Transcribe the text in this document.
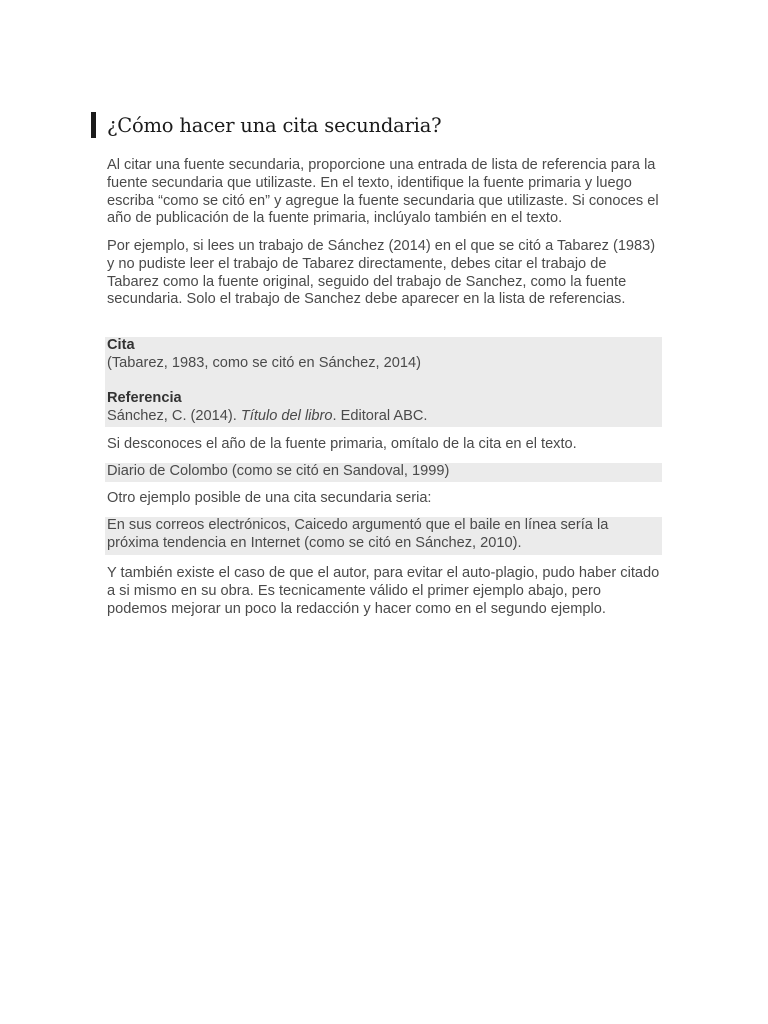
¿Cómo hacer una cita secundaria?

Al citar una fuente secundaria, proporcione una entrada de lista de referencia para la fuente secundaria que utilizaste. En el texto, identifique la fuente primaria y luego escriba “como se citó en” y agregue la fuente secundaria que utilizaste. Si conoces el año de publicación de la fuente primaria, inclúyalo también en el texto.

Por ejemplo, si lees un trabajo de Sánchez (2014) en el que se citó a Tabarez (1983) y no pudiste leer el trabajo de Tabarez directamente, debes citar el trabajo de Tabarez como la fuente original, seguido del trabajo de Sanchez, como la fuente secundaria. Solo el trabajo de Sanchez debe aparecer en la lista de referencias.

Cita
(Tabarez, 1983, como se citó en Sánchez, 2014)
Referencia
Sánchez, C. (2014). Título del libro. Editoral ABC.

Si desconoces el año de la fuente primaria, omítalo de la cita en el texto.

Diario de Colombo (como se citó en Sandoval, 1999)

Otro ejemplo posible de una cita secundaria seria:

En sus correos electrónicos, Caicedo argumentó que el baile en línea sería la próxima tendencia en Internet (como se citó en Sánchez, 2010).

Y también existe el caso de que el autor, para evitar el auto-plagio, pudo haber citado a si mismo en su obra. Es tecnicamente válido el primer ejemplo abajo, pero podemos mejorar un poco la redacción y hacer como en el segundo ejemplo.
